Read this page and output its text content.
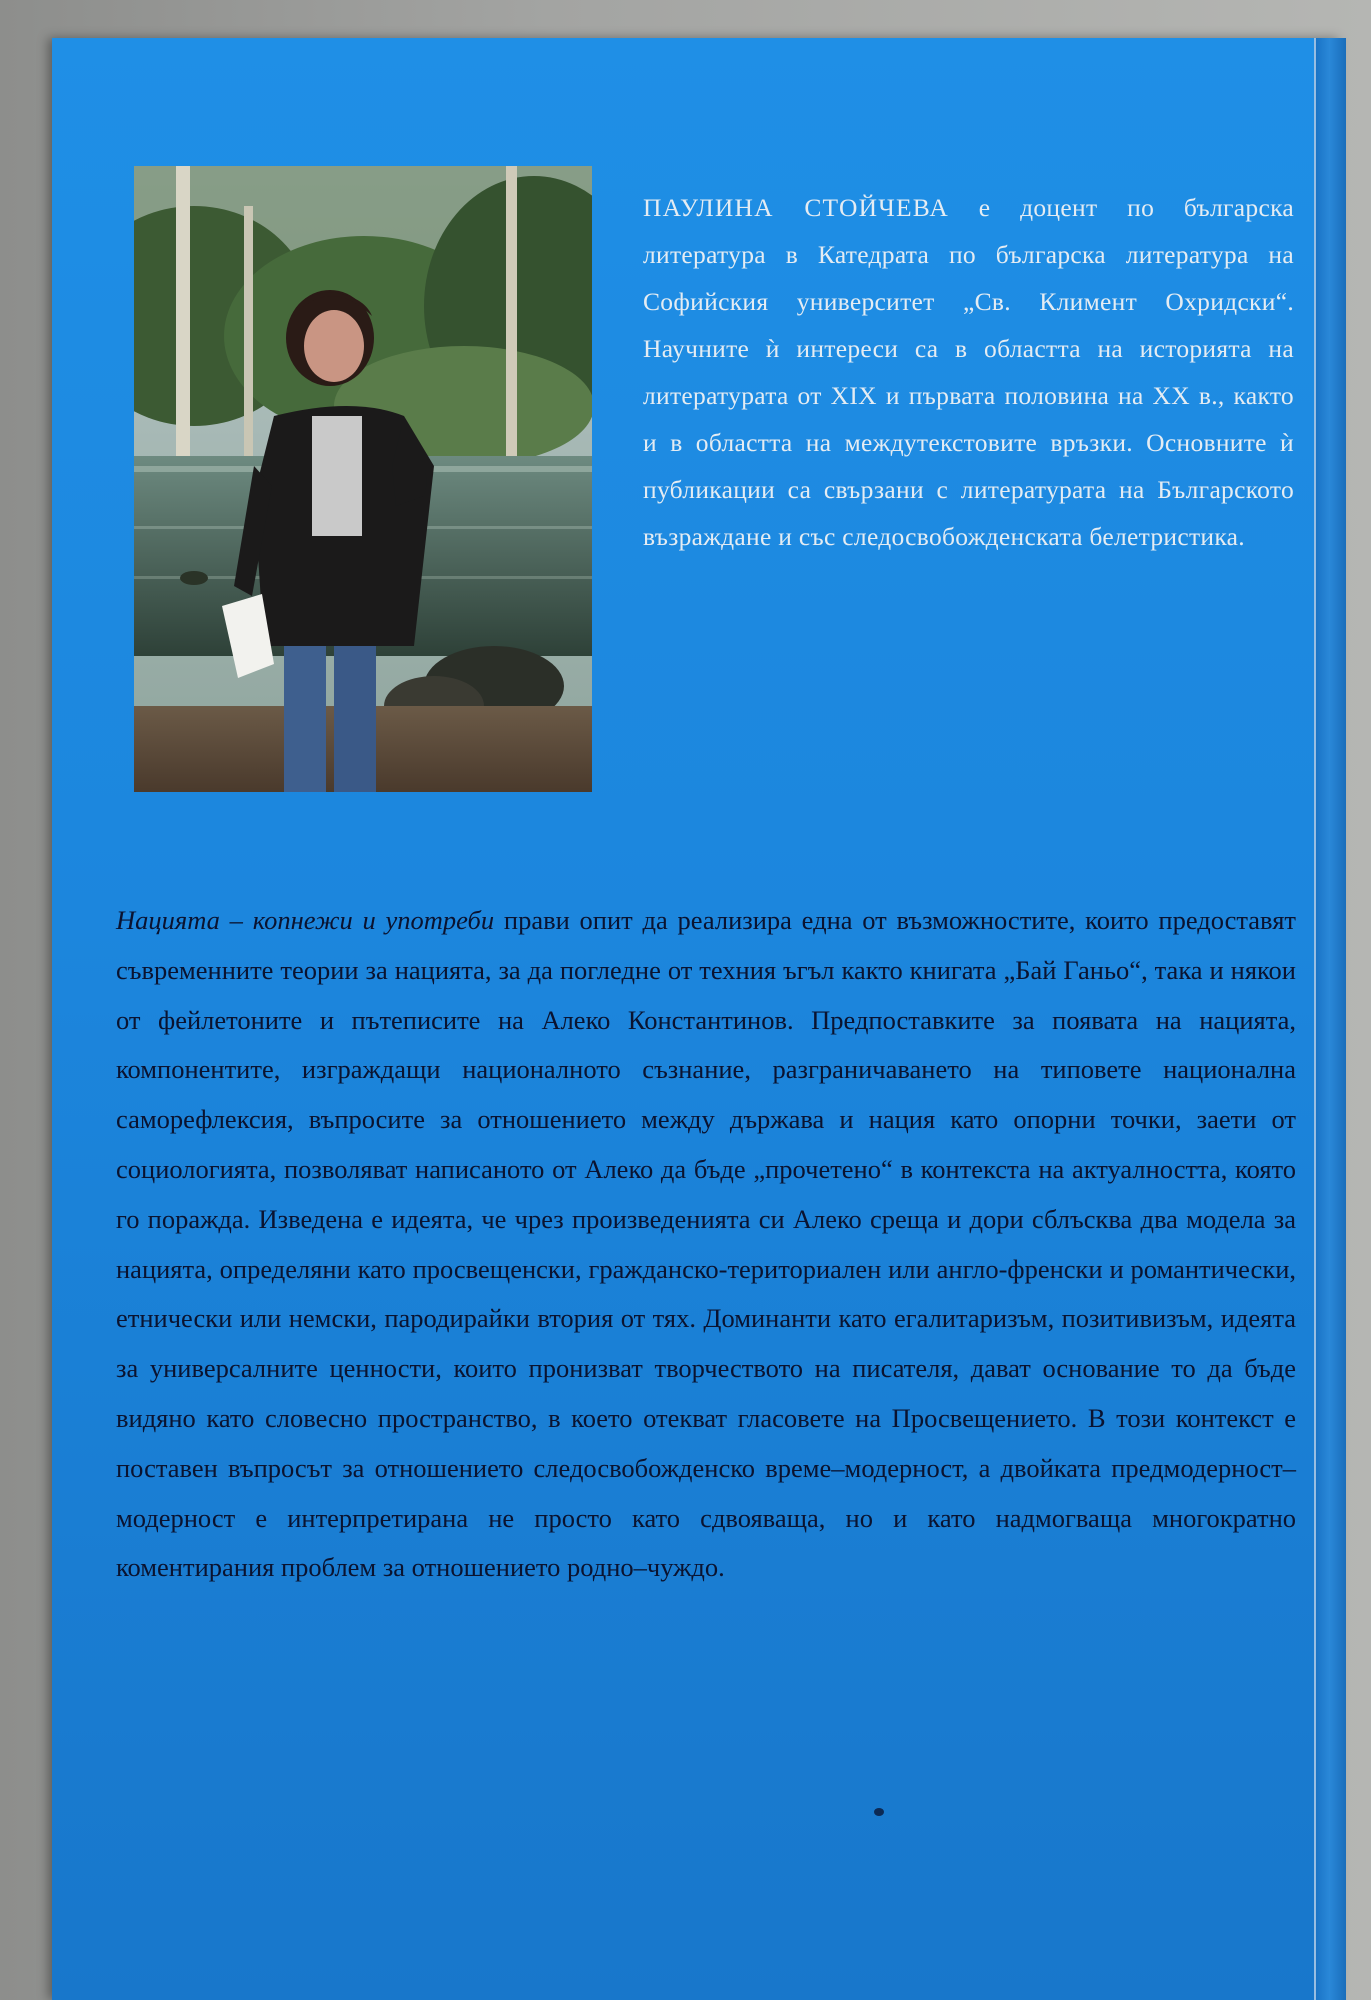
ПАУЛИНА СТОЙЧЕВА е доцент по българска литература в Катедрата по българска литература на Софийския университет „Св. Климент Охридски“. Научните ѝ интереси са в областта на историята на литературата от XIX и първата половина на XX в., както и в областта на междутекстовите връзки. Основните ѝ публикации са свързани с литературата на Българското възраждане и със следосвобожденската белетристика.

Нацията – копнежи и употреби прави опит да реализира една от възможностите, които предоставят съвременните теории за нацията, за да погледне от техния ъгъл както книгата „Бай Ганьо“, така и някои от фейлетоните и пътеписите на Алеко Константинов. Предпоставките за появата на нацията, компонентите, изграждащи националното съзнание, разграничаването на типовете национална саморефлексия, въпросите за отношението между държава и нация като опорни точки, заети от социологията, позволяват написаното от Алеко да бъде „прочетено“ в контекста на актуалността, която го поражда. Изведена е идеята, че чрез произведенията си Алеко среща и дори сблъсква два модела за нацията, определяни като просвещенски, гражданско-териториален или англо-френски и романтически, етнически или немски, пародирайки втория от тях. Доминанти като егалитаризъм, позитивизъм, идеята за универсалните ценности, които пронизват творчеството на писателя, дават основание то да бъде видяно като словесно пространство, в което отекват гласовете на Просвещението. В този контекст е поставен въпросът за отношението следосвобожденско време–модерност, а двойката предмодерност–модерност е интерпретирана не просто като сдвояваща, но и като надмогваща многократно коментирания проблем за отношението родно–чуждо.
